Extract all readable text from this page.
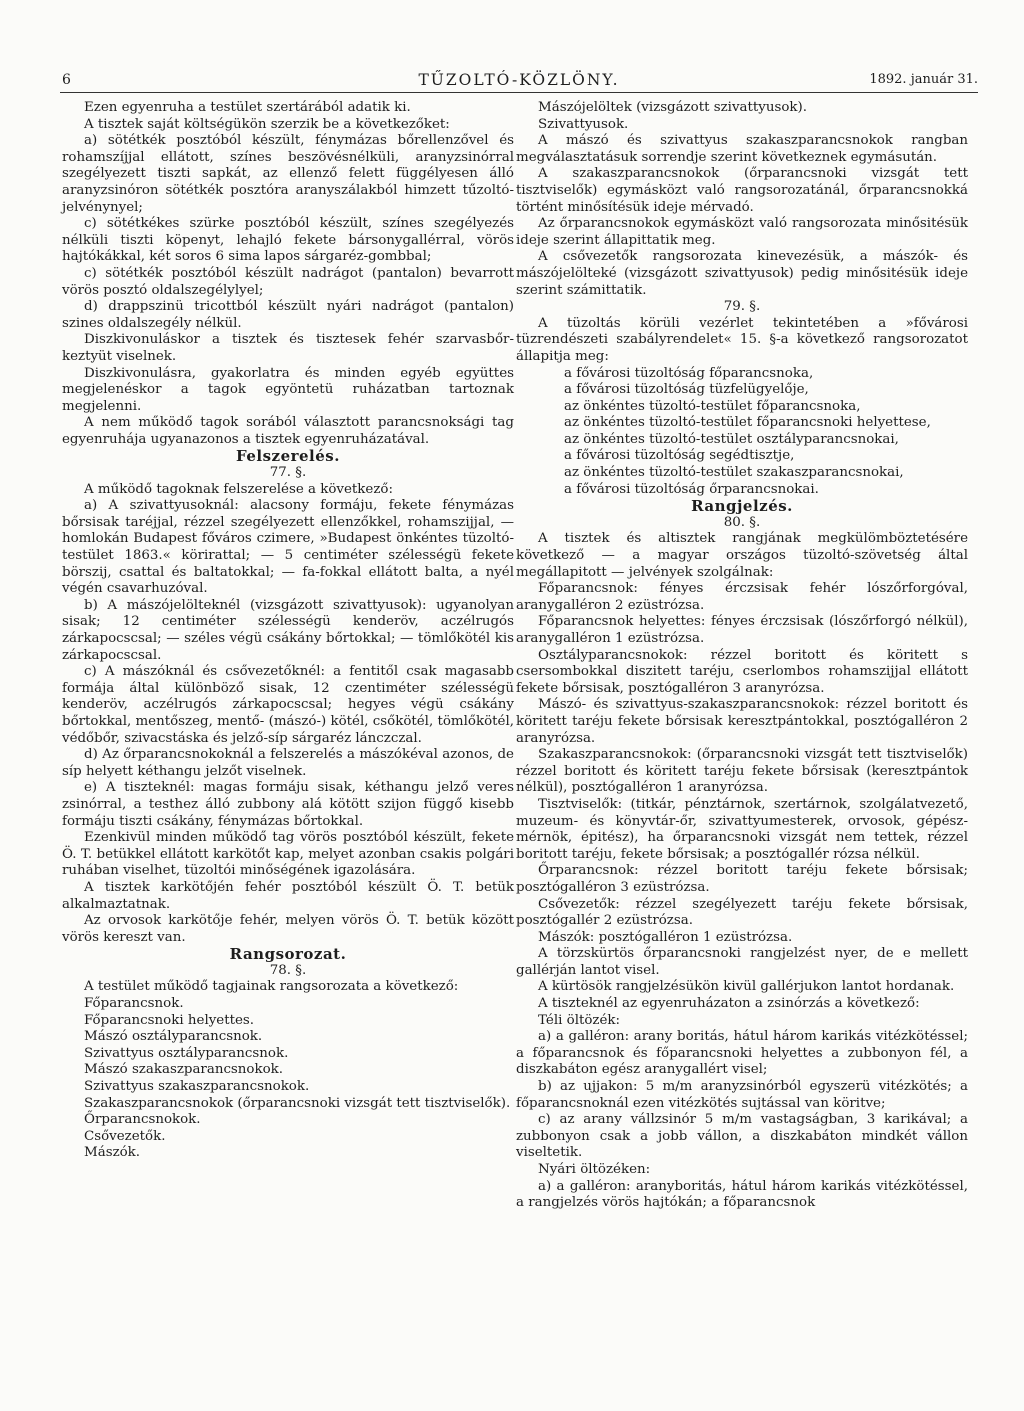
6	TŰZOLTÓ-KÖZLÖNY.	1892. január 31.

Ezen egyenruha a testület szertárából adatik ki.

A tisztek saját költségükön szerzik be a következőket:

a) sötétkék posztóból készült, fénymázas bőrellenzővel és rohamszíjjal ellátott, színes beszövésnélküli, aranyzsinórral szegélyezett tiszti sapkát, az ellenző felett függélyesen álló aranyzsinóron sötétkék posztóra aranyszálakból himzett tűzoltó-jelvénynyel;

c) sötétkékes szürke posztóból készült, színes szegélyezés nélküli tiszti köpenyt, lehajló fekete bársonygallérral, vörös hajtókákkal, két soros 6 sima lapos sárgaréz-gombbal;

c) sötétkék posztóból készült nadrágot (pantalon) bevarrott vörös posztó oldalszegélylyel;

d) drappszinü tricottból készült nyári nadrágot (pantalon) szines oldalszegély nélkül.

Diszkivonuláskor a tisztek és tisztesek fehér szarvasbőr-keztyüt viselnek.

Diszkivonulásra, gyakorlatra és minden egyéb együttes megjelenéskor a tagok egyöntetü ruházatban tartoznak megjelenni.

A nem működő tagok sorából választott parancsnoksági tag egyenruhája ugyanazonos a tisztek egyenruházatával.

Felszerelés.

77. §.

A működő tagoknak felszerelése a következő:

a) A szivattyusoknál: alacsony formáju, fekete fénymázas bőrsisak taréjjal, rézzel szegélyezett ellenzőkkel, rohamszijjal, — homlokán Budapest főváros czimere, »Budapest önkéntes tüzoltó-testület 1863.« körirattal; — 5 centiméter szélességü fekete börszij, csattal és baltatokkal; — fa-fokkal ellátott balta, a nyél végén csavarhuzóval.

b) A mászójelölteknél (vizsgázott szivattyusok): ugyanolyan sisak; 12 centiméter szélességü kenderöv, aczélrugós zárkapocscsal; — széles végü csákány bőrtokkal; — tömlőkötél kis zárkapocscsal.

c) A mászóknál és csővezetőknél: a fentitől csak magasabb formája által különböző sisak, 12 czentiméter szélességü kenderöv, aczélrugós zárkapocscsal; hegyes végü csákány bőrtokkal, mentőszeg, mentő- (mászó-) kötél, csőkötél, tömlőkötél, védőbőr, szivacstáska és jelző-síp sárgaréz lánczczal.

d) Az őrparancsnokoknál a felszerelés a mászókéval azonos, de síp helyett kéthangu jelzőt viselnek.

e) A tiszteknél: magas formáju sisak, kéthangu jelző veres zsinórral, a testhez álló zubbony alá kötött szijon függő kisebb formáju tiszti csákány, fénymázas bőrtokkal.

Ezenkivül minden működő tag vörös posztóból készült, fekete Ö. T. betükkel ellátott karkötőt kap, melyet azonban csakis polgári ruhában viselhet, tüzoltói minőségének igazolására.

A tisztek karkötőjén fehér posztóból készült Ö. T. betük alkalmaztatnak.

Az orvosok karkötője fehér, melyen vörös Ö. T. betük között vörös kereszt van.

Rangsorozat.

78. §.

A testület működő tagjainak rangsorozata a következő:

Főparancsnok.

Főparancsnoki helyettes.

Mászó osztályparancsnok.

Szivattyus osztályparancsnok.

Mászó szakaszparancsnokok.

Szivattyus szakaszparancsnokok.

Szakaszparancsnokok (őrparancsnoki vizsgát tett tisztviselők).

Őrparancsnokok.

Csővezetők.

Mászók.

Mászójelöltek (vizsgázott szivattyusok).

Szivattyusok.

A mászó és szivattyus szakaszparancsnokok rangban megválasztatásuk sorrendje szerint következnek egymásután.

A szakaszparancsnokok (őrparancsnoki vizsgát tett tisztviselők) egymásközt való rangsorozatánál, őrparancsnokká történt minősítésük ideje mérvadó.

Az őrparancsnokok egymásközt való rangsorozata minősitésük ideje szerint állapittatik meg.

A csővezetők rangsorozata kinevezésük, a mászók- és mászójelölteké (vizsgázott szivattyusok) pedig minősitésük ideje szerint számittatik.

79. §.

A tüzoltás körüli vezérlet tekintetében a »fővárosi tüzrendészeti szabályrendelet« 15. §-a következő rangsorozatot állapitja meg:

a fővárosi tüzoltóság főparancsnoka,

a fővárosi tüzoltóság tüzfelügyelője,

az önkéntes tüzoltó-testület főparancsnoka,

az önkéntes tüzoltó-testület főparancsnoki helyettese,

az önkéntes tüzoltó-testület osztályparancsnokai,

a fővárosi tüzoltóság segédtisztje,

az önkéntes tüzoltó-testület szakaszparancsnokai,

a fővárosi tüzoltóság őrparancsnokai.

Rangjelzés.

80. §.

A tisztek és altisztek rangjának megkülömböztetésére következő — a magyar országos tüzoltó-szövetség által megállapitott — jelvények szolgálnak:

Főparancsnok: fényes érczsisak fehér lószőrforgóval, aranygalléron 2 ezüstrózsa.

Főparancsnok helyettes: fényes érczsisak (lószőrforgó nélkül), aranygalléron 1 ezüstrózsa.

Osztályparancsnokok: rézzel boritott és köritett s csersombokkal diszitett taréju, cserlombos rohamszijjal ellátott fekete bőrsisak, posztógalléron 3 aranyrózsa.

Mászó- és szivattyus-szakaszparancsnokok: rézzel boritott és köritett taréju fekete bőrsisak keresztpántokkal, posztógalléron 2 aranyrózsa.

Szakaszparancsnokok: (őrparancsnoki vizsgát tett tisztviselők) rézzel boritott és köritett taréju fekete bőrsisak (keresztpántok nélkül), posztógalléron 1 aranyrózsa.

Tisztviselők: (titkár, pénztárnok, szertárnok, szolgálatvezető, muzeum- és könyvtár-őr, szivattyumesterek, orvosok, gépész-mérnök, épitész), ha őrparancsnoki vizsgát nem tettek, rézzel boritott taréju, fekete bőrsisak; a posztógallér rózsa nélkül.

Őrparancsnok: rézzel boritott taréju fekete bőrsisak; posztógalléron 3 ezüstrózsa.

Csővezetők: rézzel szegélyezett taréju fekete bőrsisak, posztógallér 2 ezüstrózsa.

Mászók: posztógalléron 1 ezüstrózsa.

A törzskürtös őrparancsnoki rangjelzést nyer, de e mellett gallérján lantot visel.

A kürtösök rangjelzésükön kivül gallérjukon lantot hordanak.

A tiszteknél az egyenruházaton a zsinórzás a következő:

Téli öltözék:

a) a galléron: arany boritás, hátul három karikás vitézkötéssel; a főparancsnok és főparancsnoki helyettes a zubbonyon fél, a diszkabáton egész aranygallért visel;

b) az ujjakon: 5 m/m aranyzsinórból egyszerü vitézkötés; a főparancsnoknál ezen vitézkötés sujtással van köritve;

c) az arany vállzsinór 5 m/m vastagságban, 3 karikával; a zubbonyon csak a jobb vállon, a diszkabáton mindkét vállon viseltetik.

Nyári öltözéken:

a) a galléron: aranyboritás, hátul három karikás vitézkötéssel, a rangjelzés vörös hajtókán; a főparancsnok
